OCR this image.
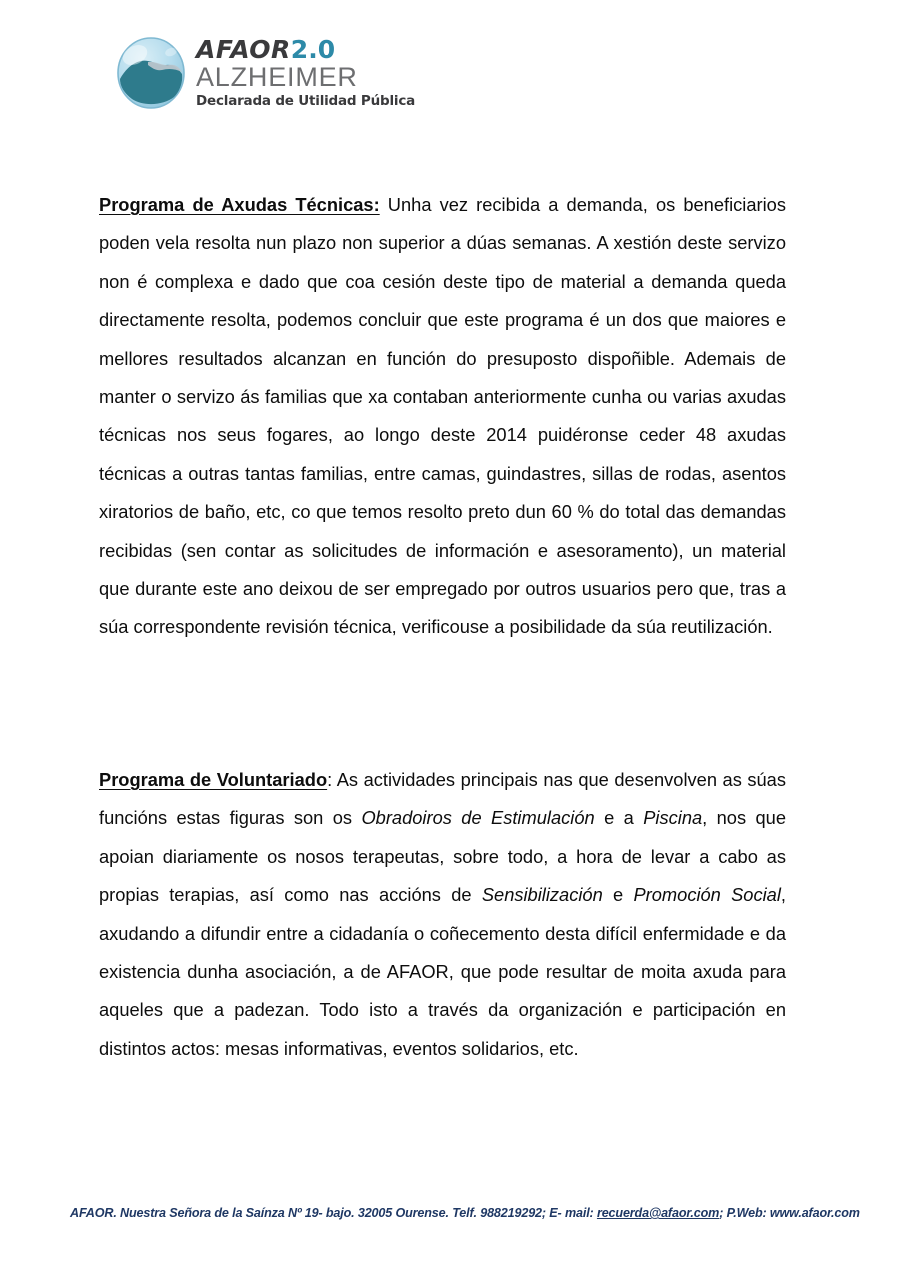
AFAOR2.0
ALZHEIMER
Declarada de Utilidad Pública

Programa de Axudas Técnicas: Unha vez recibida a demanda, os beneficiarios poden vela resolta nun plazo non superior a dúas semanas. A xestión deste servizo non é complexa e dado que coa cesión deste tipo de material a demanda queda directamente resolta, podemos concluir que este programa é un dos que maiores e mellores resultados alcanzan en función do presuposto dispoñible. Ademais de manter o servizo ás familias que xa contaban anteriormente cunha ou varias axudas técnicas nos seus fogares, ao longo deste 2014 puidéronse ceder 48 axudas técnicas a outras tantas familias, entre camas, guindastres, sillas de rodas, asentos xiratorios de baño, etc, co que temos resolto preto dun 60 % do total das demandas recibidas (sen contar as solicitudes de información e asesoramento), un material que durante este ano deixou de ser empregado por outros usuarios pero que, tras a súa correspondente revisión técnica, verificouse a posibilidade da súa reutilización.

Programa de Voluntariado: As actividades principais nas que desenvolven as súas funcións estas figuras son os Obradoiros de Estimulación e a Piscina, nos que apoian diariamente os nosos terapeutas, sobre todo, a hora de levar a cabo as propias terapias, así como nas accións de Sensibilización e Promoción Social, axudando a difundir entre a cidadanía o coñecemento desta difícil enfermidade e da existencia dunha asociación, a de AFAOR, que pode resultar de moita axuda para aqueles que a padezan. Todo isto a través da organización e participación en distintos actos: mesas informativas, eventos solidarios, etc.

AFAOR. Nuestra Señora de la Saínza Nº 19- bajo. 32005 Ourense. Telf. 988219292; E- mail: recuerda@afaor.com; P.Web: www.afaor.com
